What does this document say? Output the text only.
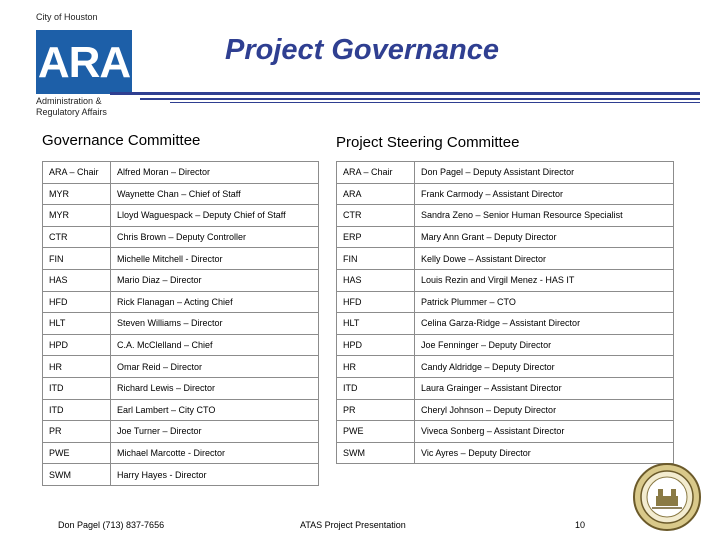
City of Houston
ARA
Administration &
Regulatory Affairs
Project Governance
Governance Committee	Project Steering Committee
ARA – Chair	Alfred Moran – Director
MYR	Waynette Chan – Chief of Staff
MYR	Lloyd Waguespack – Deputy Chief of Staff
CTR	Chris Brown – Deputy Controller
FIN	Michelle Mitchell - Director
HAS	Mario Diaz – Director
HFD	Rick Flanagan – Acting Chief
HLT	Steven Williams – Director
HPD	C.A. McClelland – Chief
HR	Omar Reid – Director
ITD	Richard Lewis – Director
ITD	Earl Lambert – City CTO
PR	Joe Turner – Director
PWE	Michael Marcotte - Director
SWM	Harry Hayes - Director
ARA – Chair	Don Pagel – Deputy Assistant Director
ARA	Frank Carmody – Assistant Director
CTR	Sandra Zeno – Senior Human Resource Specialist
ERP	Mary Ann Grant – Deputy Director
FIN	Kelly Dowe – Assistant Director
HAS	Louis Rezin and Virgil Menez - HAS IT
HFD	Patrick Plummer – CTO
HLT	Celina Garza-Ridge – Assistant Director
HPD	Joe Fenninger – Deputy Director
HR	Candy Aldridge – Deputy Director
ITD	Laura Grainger – Assistant Director
PR	Cheryl Johnson – Deputy Director
PWE	Viveca Sonberg – Assistant Director
SWM	Vic Ayres – Deputy Director
Don Pagel (713) 837-7656	ATAS Project Presentation	10
